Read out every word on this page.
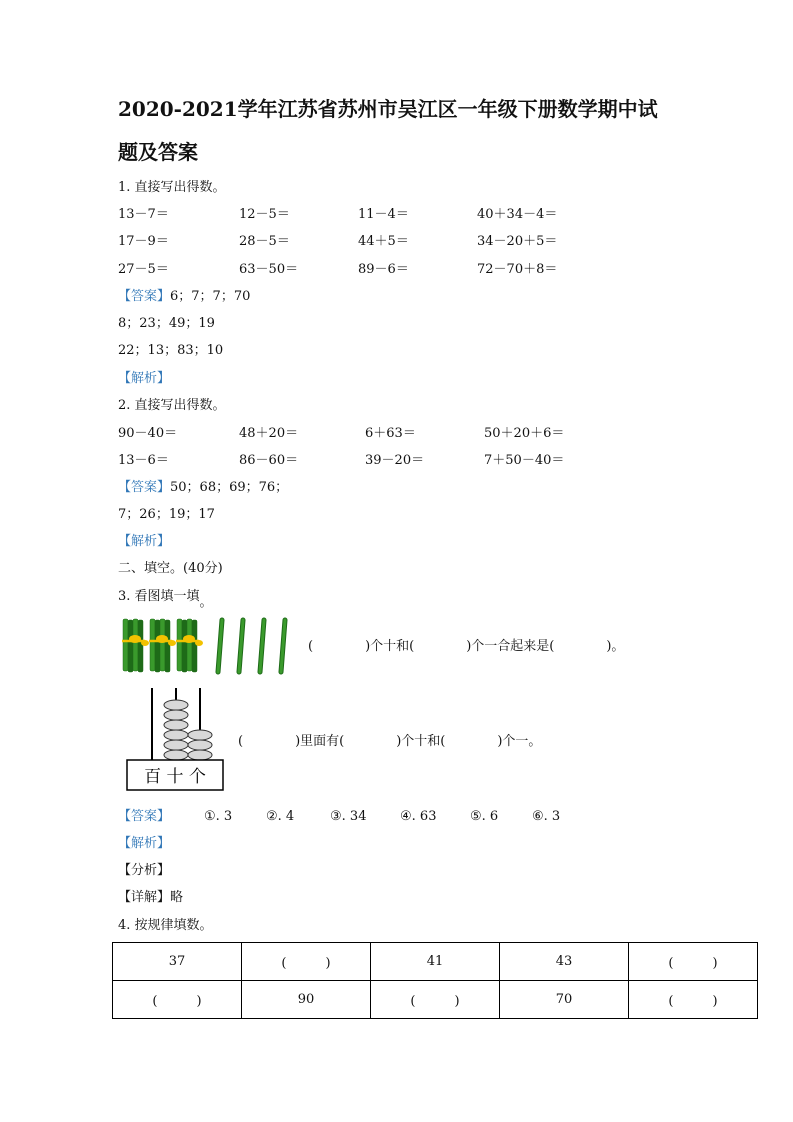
2020-2021学年江苏省苏州市吴江区一年级下册数学期中试
题及答案
1. 直接写出得数。
13－7＝	12－5＝	11－4＝	40＋34－4＝
17－9＝	28－5＝	44＋5＝	34－20＋5＝
27－5＝	63－50＝	89－6＝	72－70＋8＝
【答案】6；7；7；70
8；23；49；19
22；13；83；10
【解析】
2. 直接写出得数。
90－40＝	48＋20＝	6＋63＝	50＋20＋6＝
13－6＝	86－60＝	39－20＝	7＋50－40＝
【答案】50；68；69；76；
7；26；19；17
【解析】
二、填空。(40分)
3. 看图填一填。
(　　　　)个十和(　　　　)个一合起来是(　　　　)。
百 十 个
(　　　　)里面有(　　　　)个十和(　　　　)个一。
【答案】	①. 3	②. 4	③. 34	④. 63	⑤. 6	⑥. 3
【解析】
【分析】
【详解】略
4. 按规律填数。
37	(　　　)	41	43	(　　　)
(　　　)	90	(　　　)	70	(　　　)
